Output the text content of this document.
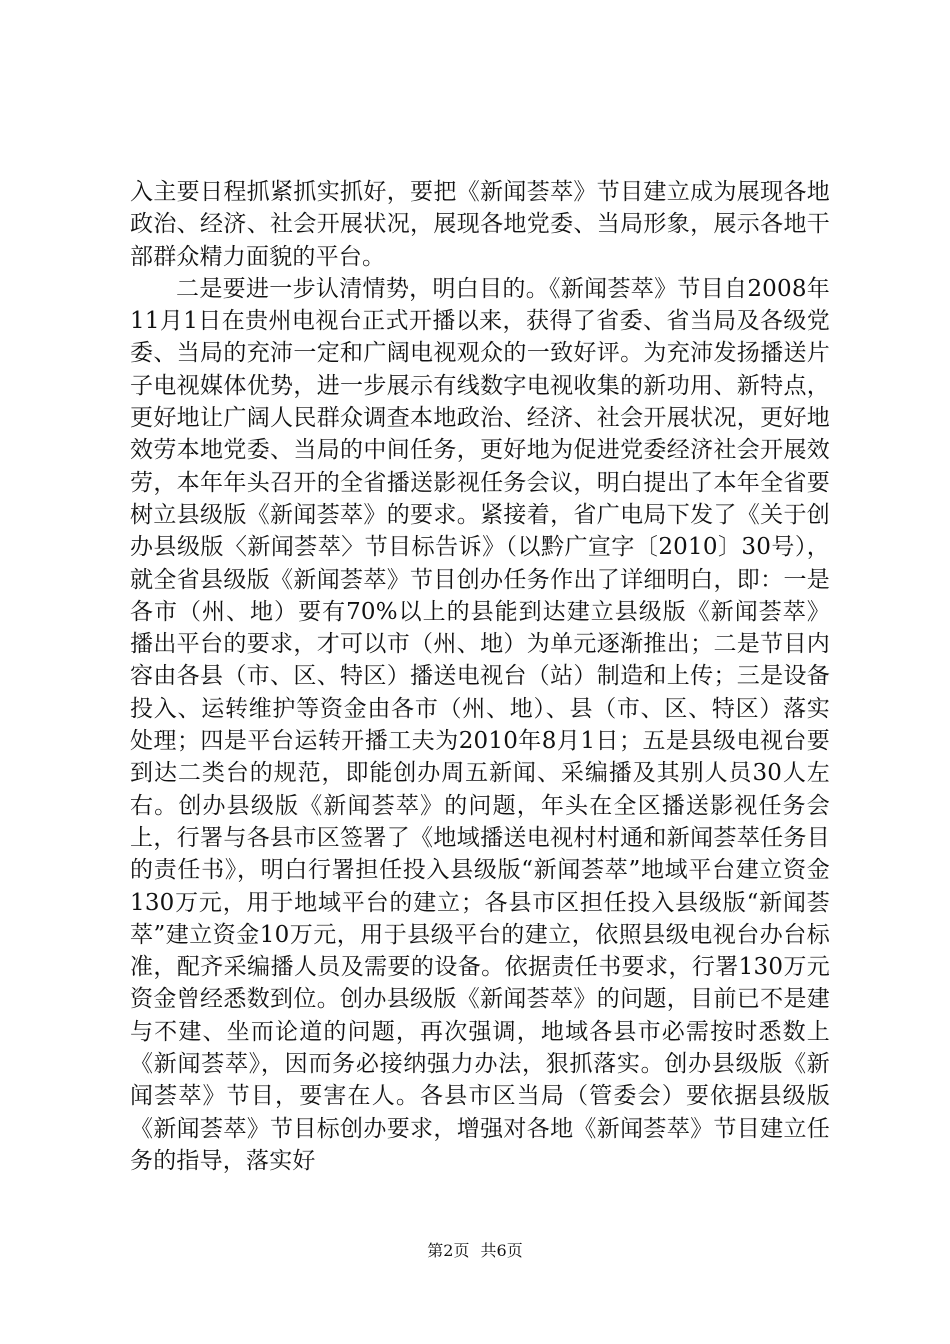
入主要日程抓紧抓实抓好，要把《新闻荟萃》节目建立成为展现各地政治、经济、社会开展状况，展现各地党委、当局形象，展示各地干部群众精力面貌的平台。

二是要进一步认清情势，明白目的。《新闻荟萃》节目自2008年11月1日在贵州电视台正式开播以来，获得了省委、省当局及各级党委、当局的充沛一定和广阔电视观众的一致好评。为充沛发扬播送片子电视媒体优势，进一步展示有线数字电视收集的新功用、新特点，更好地让广阔人民群众调查本地政治、经济、社会开展状况，更好地效劳本地党委、当局的中间任务，更好地为促进党委经济社会开展效劳，本年年头召开的全省播送影视任务会议，明白提出了本年全省要树立县级版《新闻荟萃》的要求。紧接着，省广电局下发了《关于创办县级版〈新闻荟萃〉节目标告诉》（以黔广宣字〔2010〕30号），就全省县级版《新闻荟萃》节目创办任务作出了详细明白，即：一是各市（州、地）要有70%以上的县能到达建立县级版《新闻荟萃》播出平台的要求，才可以市（州、地）为单元逐渐推出；二是节目内容由各县（市、区、特区）播送电视台（站）制造和上传；三是设备投入、运转维护等资金由各市（州、地）、县（市、区、特区）落实处理；四是平台运转开播工夫为2010年8月1日；五是县级电视台要到达二类台的规范，即能创办周五新闻、采编播及其别人员30人左右。创办县级版《新闻荟萃》的问题，年头在全区播送影视任务会上，行署与各县市区签署了《地域播送电视村村通和新闻荟萃任务目的责任书》，明白行署担任投入县级版“新闻荟萃”地域平台建立资金130万元，用于地域平台的建立；各县市区担任投入县级版“新闻荟萃”建立资金10万元，用于县级平台的建立，依照县级电视台办台标准，配齐采编播人员及需要的设备。依据责任书要求，行署130万元资金曾经悉数到位。创办县级版《新闻荟萃》的问题，目前已不是建与不建、坐而论道的问题，再次强调，地域各县市必需按时悉数上《新闻荟萃》，因而务必接纳强力办法，狠抓落实。创办县级版《新闻荟萃》节目，要害在人。各县市区当局（管委会）要依据县级版《新闻荟萃》节目标创办要求，增强对各地《新闻荟萃》节目建立任务的指导，落实好

第2页 共6页
